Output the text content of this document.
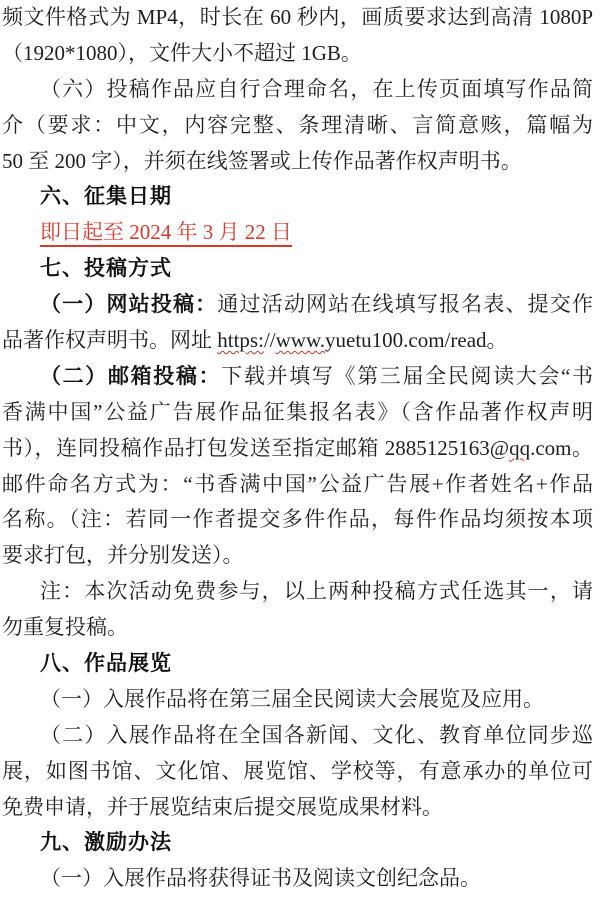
频文件格式为 MP4，时长在 60 秒内，画质要求达到高清 1080P
（1920*1080），文件大小不超过 1GB。
（六）投稿作品应自行合理命名，在上传页面填写作品简
介（要求：中文，内容完整、条理清晰、言简意赅，篇幅为
50 至 200 字），并须在线签署或上传作品著作权声明书。
六、征集日期
即日起至 2024 年 3 月 22 日
七、投稿方式
（一）网站投稿：通过活动网站在线填写报名表、提交作
品著作权声明书。网址 https://www.yuetu100.com/read。
（二）邮箱投稿：下载并填写《第三届全民阅读大会“书
香满中国”公益广告展作品征集报名表》（含作品著作权声明
书），连同投稿作品打包发送至指定邮箱 2885125163@qq.com。
邮件命名方式为：“书香满中国”公益广告展+作者姓名+作品
名称。（注：若同一作者提交多件作品，每件作品均须按本项
要求打包，并分别发送）。
注：本次活动免费参与，以上两种投稿方式任选其一，请
勿重复投稿。
八、作品展览
（一）入展作品将在第三届全民阅读大会展览及应用。
（二）入展作品将在全国各新闻、文化、教育单位同步巡
展，如图书馆、文化馆、展览馆、学校等，有意承办的单位可
免费申请，并于展览结束后提交展览成果材料。
九、激励办法
（一）入展作品将获得证书及阅读文创纪念品。
